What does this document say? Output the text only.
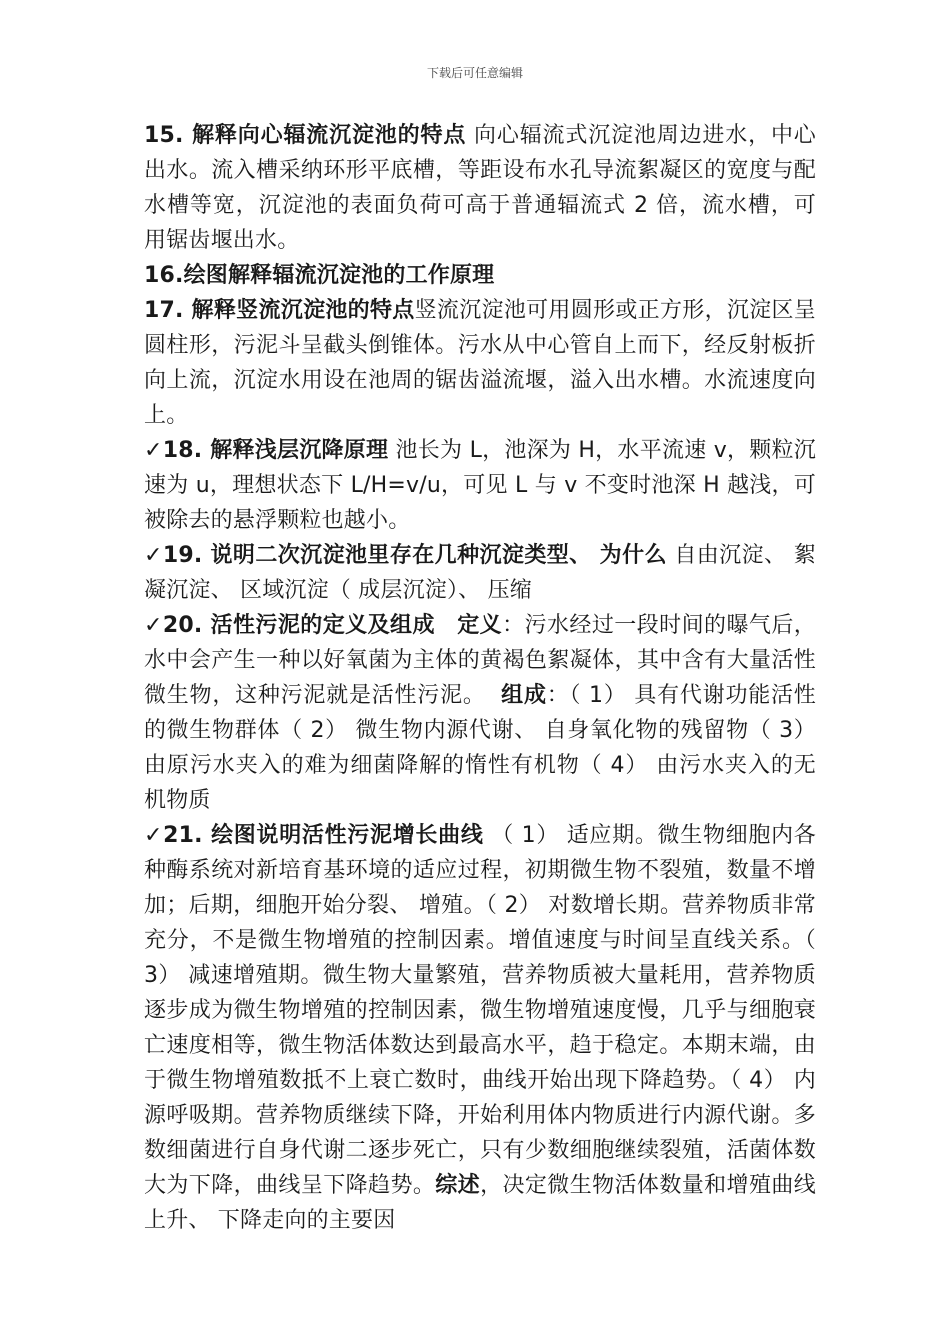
下载后可任意编辑

15. 解释向心辐流沉淀池的特点 向心辐流式沉淀池周边进水，中心出水。流入槽采纳环形平底槽，等距设布水孔导流絮凝区的宽度与配水槽等宽，沉淀池的表面负荷可高于普通辐流式 2 倍，流水槽，可用锯齿堰出水。

16.绘图解释辐流沉淀池的工作原理

17. 解释竖流沉淀池的特点竖流沉淀池可用圆形或正方形，沉淀区呈圆柱形，污泥斗呈截头倒锥体。污水从中心管自上而下，经反射板折向上流，沉淀水用设在池周的锯齿溢流堰，溢入出水槽。水流速度向上。

✓18. 解释浅层沉降原理 池长为 L，池深为 H，水平流速 v，颗粒沉速为 u，理想状态下 L/H=v/u，可见 L 与 v 不变时池深 H 越浅，可被除去的悬浮颗粒也越小。

✓19. 说明二次沉淀池里存在几种沉淀类型、 为什么 自由沉淀、 絮凝沉淀、 区域沉淀（ 成层沉淀）、 压缩

✓20. 活性污泥的定义及组成 定义：污水经过一段时间的曝气后，水中会产生一种以好氧菌为主体的黄褐色絮凝体，其中含有大量活性微生物，这种污泥就是活性污泥。 组成：（ 1） 具有代谢功能活性的微生物群体（ 2） 微生物内源代谢、 自身氧化物的残留物（ 3） 由原污水夹入的难为细菌降解的惰性有机物（ 4） 由污水夹入的无机物质

✓21. 绘图说明活性污泥增长曲线 （ 1） 适应期。微生物细胞内各种酶系统对新培育基环境的适应过程，初期微生物不裂殖，数量不增加；后期，细胞开始分裂、 增殖。（ 2） 对数增长期。营养物质非常充分，不是微生物增殖的控制因素。增值速度与时间呈直线关系。（ 3） 减速增殖期。微生物大量繁殖，营养物质被大量耗用，营养物质逐步成为微生物增殖的控制因素，微生物增殖速度慢，几乎与细胞衰亡速度相等，微生物活体数达到最高水平，趋于稳定。本期末端，由于微生物增殖数抵不上衰亡数时，曲线开始出现下降趋势。（ 4） 内源呼吸期。营养物质继续下降，开始利用体内物质进行内源代谢。多数细菌进行自身代谢二逐步死亡，只有少数细胞继续裂殖，活菌体数大为下降，曲线呈下降趋势。综述，决定微生物活体数量和增殖曲线上升、 下降走向的主要因
